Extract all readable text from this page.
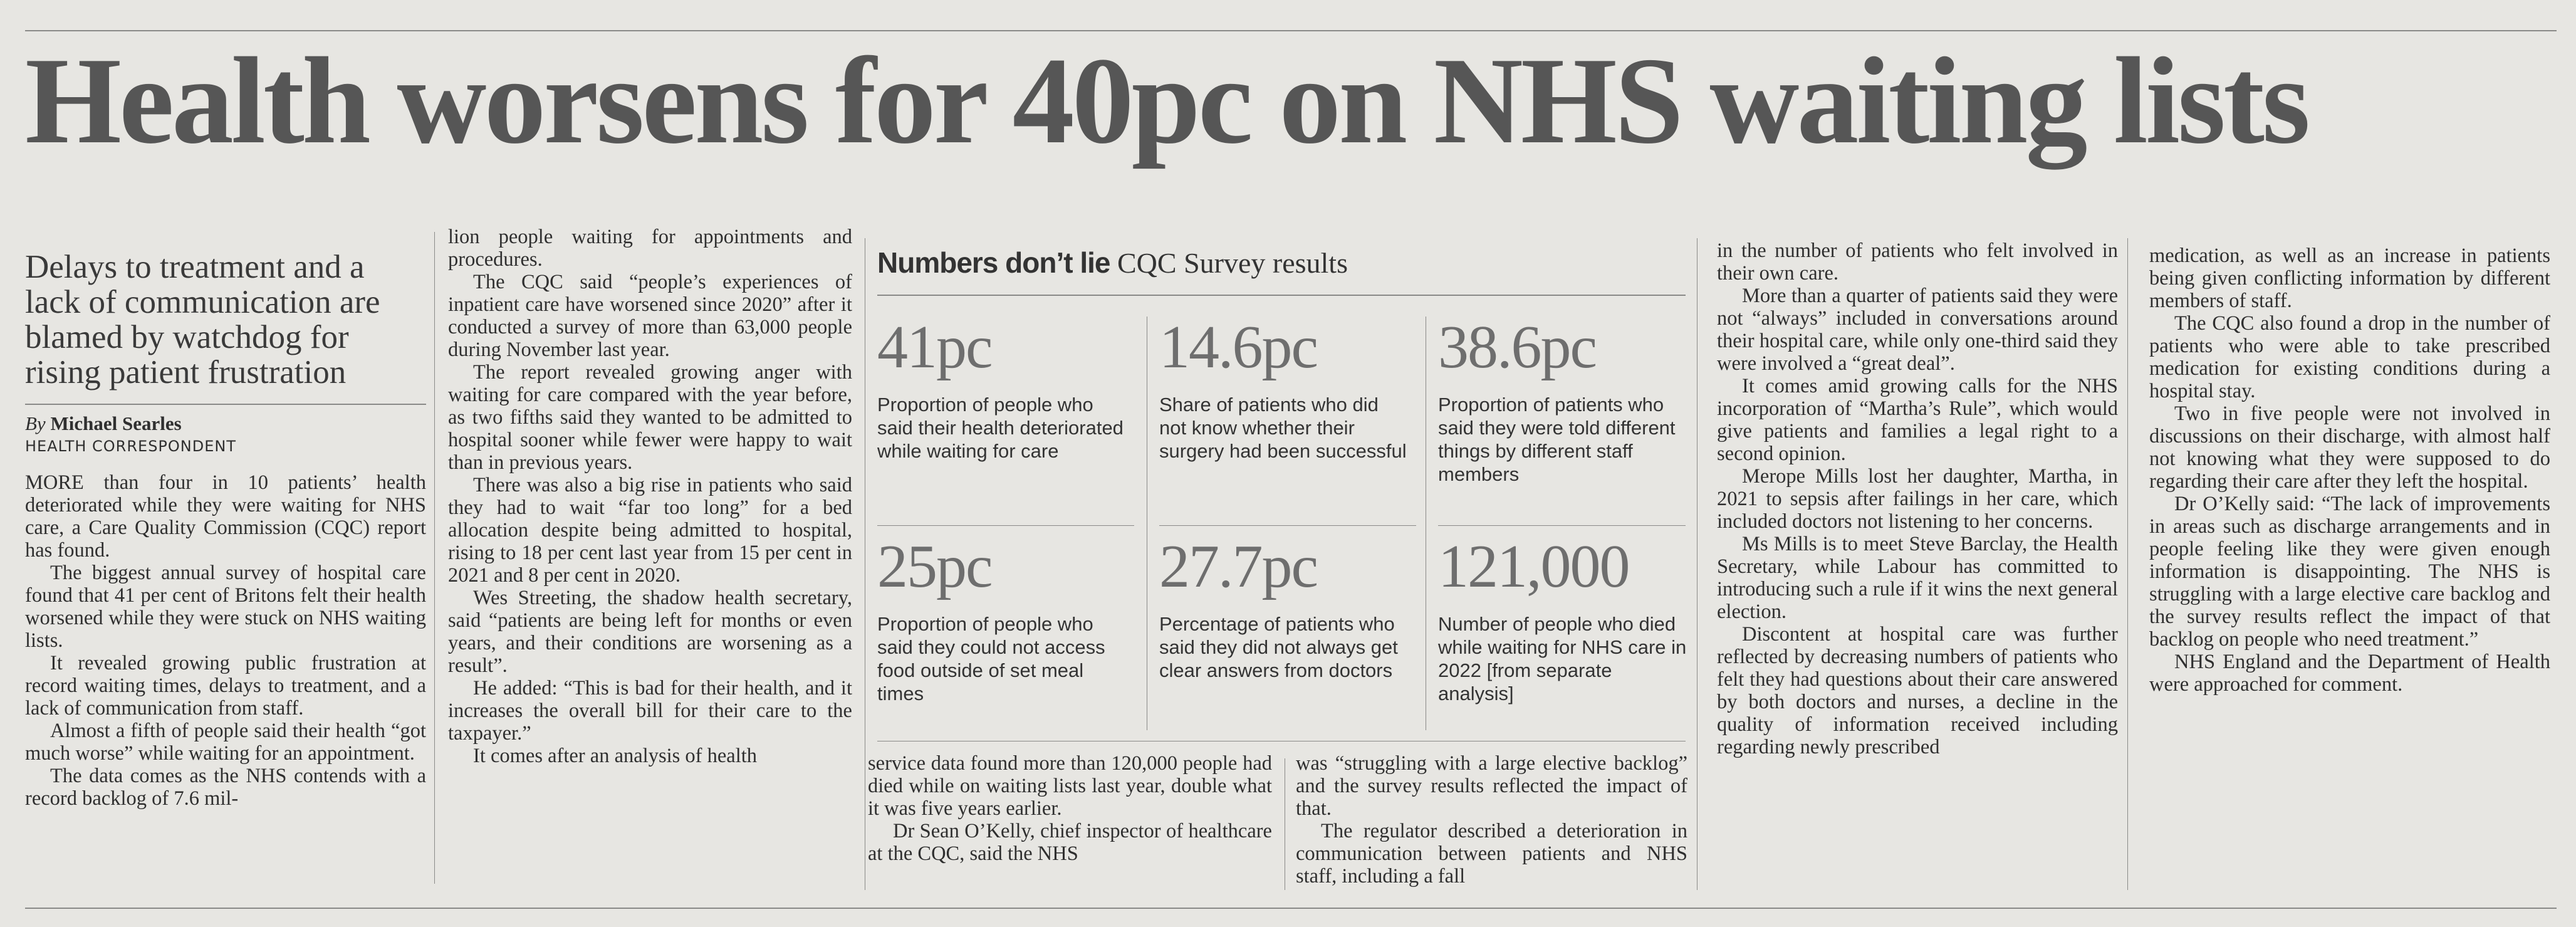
Health worsens for 40pc on NHS waiting lists
Delays to treatment and a lack of communication are blamed by watchdog for rising patient frustration
By Michael Searles
HEALTH CORRESPONDENT

MORE than four in 10 patients’ health deteriorated while they were waiting for NHS care, a Care Quality Commission (CQC) report has found.

The biggest annual survey of hospital care found that 41 per cent of Britons felt their health worsened while they were stuck on NHS waiting lists.

It revealed growing public frustration at record waiting times, delays to treatment, and a lack of communication from staff.

Almost a fifth of people said their health “got much worse” while waiting for an appointment.

The data comes as the NHS contends with a record backlog of 7.6 mil-

lion people waiting for appointments and procedures.

The CQC said “people’s experiences of inpatient care have worsened since 2020” after it conducted a survey of more than 63,000 people during November last year.

The report revealed growing anger with waiting for care compared with the year before, as two fifths said they wanted to be admitted to hospital sooner while fewer were happy to wait than in previous years.

There was also a big rise in patients who said they had to wait “far too long” for a bed allocation despite being admitted to hospital, rising to 18 per cent last year from 15 per cent in 2021 and 8 per cent in 2020.

Wes Streeting, the shadow health secretary, said “patients are being left for months or even years, and their conditions are worsening as a result”.

He added: “This is bad for their health, and it increases the overall bill for their care to the taxpayer.”

It comes after an analysis of health

Numbers don’t lie CQC Survey results
41pc
Proportion of people who said their health deteriorated while waiting for care
14.6pc
Share of patients who did not know whether their surgery had been successful
38.6pc
Proportion of patients who said they were told different things by different staff members
25pc
Proportion of people who said they could not access food outside of set meal times
27.7pc
Percentage of patients who said they did not always get clear answers from doctors
121,000
Number of people who died while waiting for NHS care in 2022 [from separate analysis]

service data found more than 120,000 people had died while on waiting lists last year, double what it was five years earlier.

Dr Sean O’Kelly, chief inspector of healthcare at the CQC, said the NHS

was “struggling with a large elective backlog” and the survey results reflected the impact of that.

The regulator described a deterioration in communication between patients and NHS staff, including a fall

in the number of patients who felt involved in their own care.

More than a quarter of patients said they were not “always” included in conversations around their hospital care, while only one-third said they were involved a “great deal”.

It comes amid growing calls for the NHS incorporation of “Martha’s Rule”, which would give patients and families a legal right to a second opinion.

Merope Mills lost her daughter, Martha, in 2021 to sepsis after failings in her care, which included doctors not listening to her concerns.

Ms Mills is to meet Steve Barclay, the Health Secretary, while Labour has committed to introducing such a rule if it wins the next general election.

Discontent at hospital care was further reflected by decreasing numbers of patients who felt they had questions about their care answered by both doctors and nurses, a decline in the quality of information received including regarding newly prescribed

medication, as well as an increase in patients being given conflicting information by different members of staff.

The CQC also found a drop in the number of patients who were able to take prescribed medication for existing conditions during a hospital stay.

Two in five people were not involved in discussions on their discharge, with almost half not knowing what they were supposed to do regarding their care after they left the hospital.

Dr O’Kelly said: “The lack of improvements in areas such as discharge arrangements and in people feeling like they were given enough information is disappointing. The NHS is struggling with a large elective care backlog and the survey results reflect the impact of that backlog on people who need treatment.”

NHS England and the Department of Health were approached for comment.
